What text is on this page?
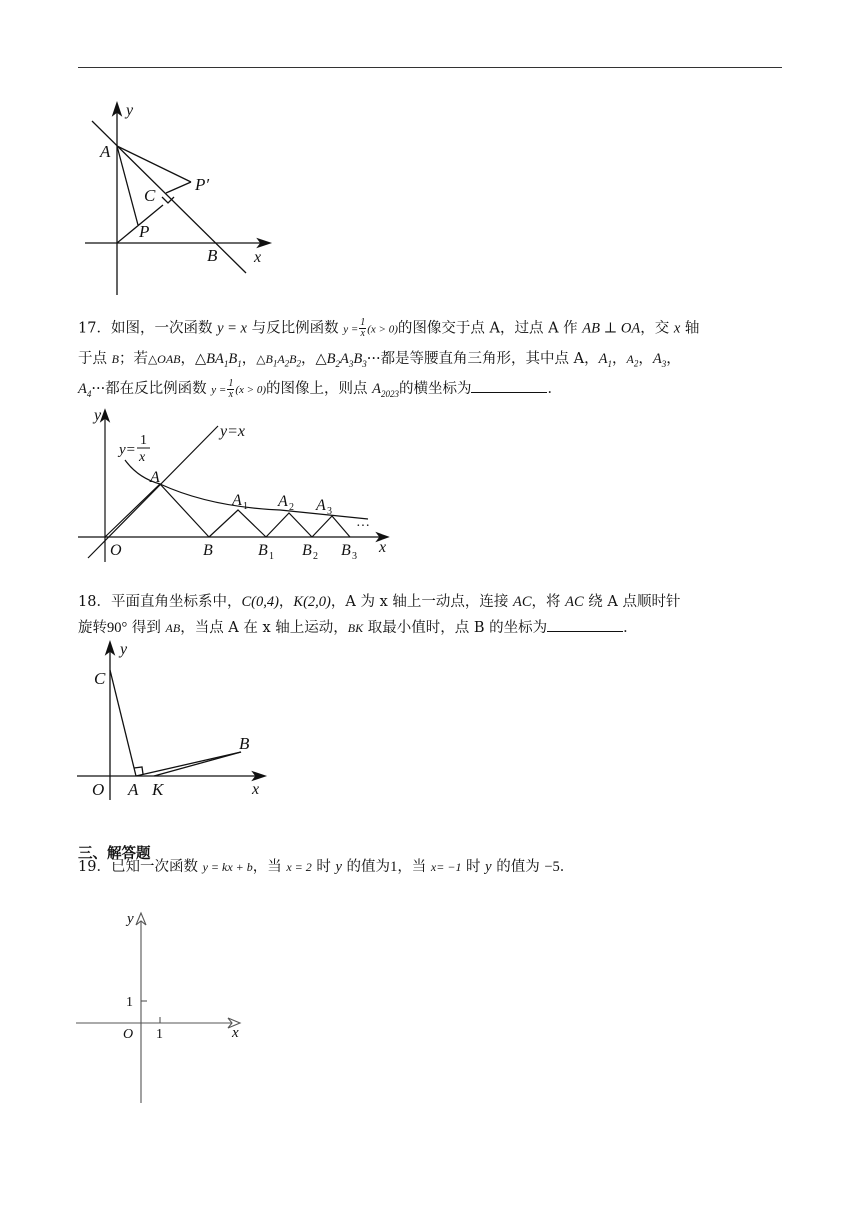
y
x
A
C
P′
P
B
17．如图，一次函数 y = x 与反比例函数 $y = \frac{1}{x} (x > 0)$的图像交于点 A，过点 A 作 AB ⊥ OA，交 x 轴
于点 B；若△OAB，$\triangle BA_1B_1$，$\triangle B_1A_2B_2$，$\triangle B_2A_3B_3\cdot\cdot\cdot$都是等腰直角三角形，其中点 A，$A_1$，$A_2$，$A_3$，
$A_4\cdot\cdot\cdot$都在反比例函数 $y = \frac{1}{x} (x > 0)$的图像上，则点 $A_{2023}$的横坐标为	．
y
x
O
A
y=x
y=
1
x
A 1 A 2 A 3
···
B	B 1 B 2 B 3
18．平面直角坐标系中，C(0,4)，K(2,0)，A 为 x 轴上一动点，连接 AC，将 AC 绕 A 点顺时针
旋转90° 得到 AB，当点 A 在 x 轴上运动，BK 取最小值时，点 B 的坐标为	．
y
x
C
B
O A K
三、解答题
19．已知一次函数 y = kx + b，当 x = 2 时 y 的值为1，当 x= −1 时 y 的值为 −5．
y
x
O 1
1
